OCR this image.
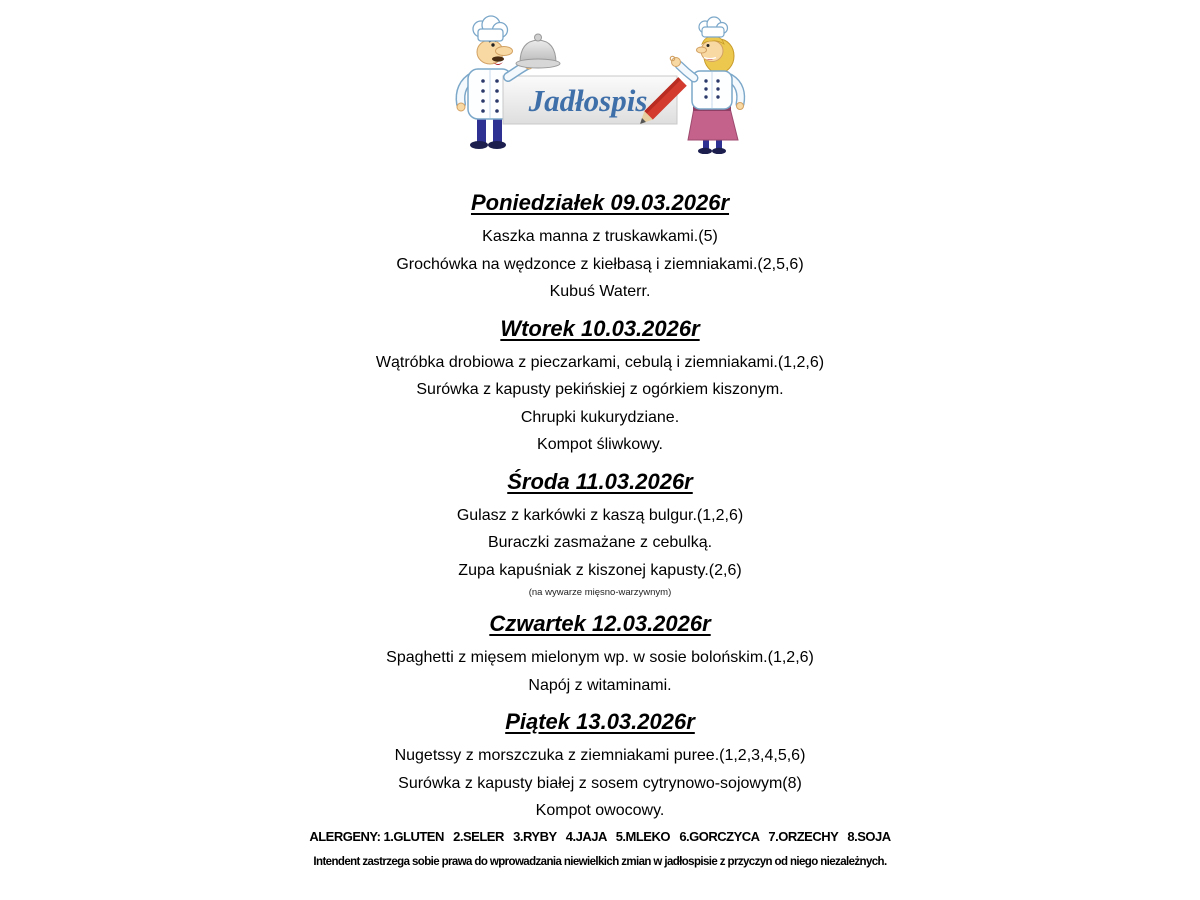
Jadłospis
Poniedziałek 09.03.2026r

Kaszka manna z truskawkami.(5)

Grochówka na wędzonce z kiełbasą i ziemniakami.(2,5,6)

Kubuś Waterr.

Wtorek 10.03.2026r

Wątróbka drobiowa z pieczarkami, cebulą i ziemniakami.(1,2,6)

Surówka z kapusty pekińskiej z ogórkiem kiszonym.

Chrupki kukurydziane.

Kompot śliwkowy.

Środa 11.03.2026r

Gulasz z karkówki z kaszą bulgur.(1,2,6)

Buraczki zasmażane z cebulką.

Zupa kapuśniak z kiszonej kapusty.(2,6)

(na wywarze mięsno-warzywnym)

Czwartek 12.03.2026r

Spaghetti z mięsem mielonym wp. w sosie bolońskim.(1,2,6)

Napój z witaminami.

Piątek 13.03.2026r

Nugetssy z morszczuka z ziemniakami puree.(1,2,3,4,5,6)

Surówka z kapusty białej z sosem cytrynowo-sojowym(8)

Kompot owocowy.

ALERGENY: 1.GLUTEN   2.SELER   3.RYBY   4.JAJA   5.MLEKO   6.GORCZYCA   7.ORZECHY   8.SOJA
Intendent zastrzega sobie prawa do wprowadzania niewielkich zmian w jadłospisie z przyczyn od niego niezależnych.
